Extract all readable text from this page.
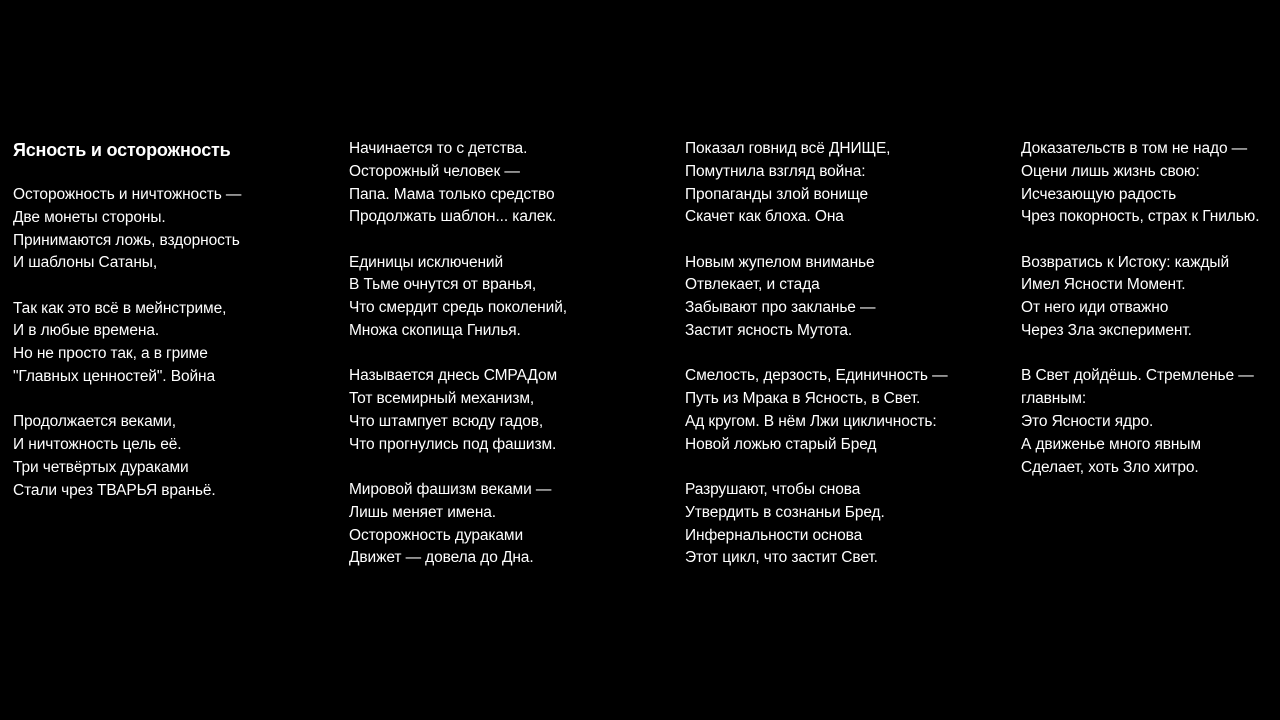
Ясность и осторожность
Осторожность и ничтожность —
Две монеты стороны.
Принимаются ложь, вздорность
И шаблоны Сатаны,
Так как это всё в мейнстриме,
И в любые времена.
Но не просто так, а в гриме
"Главных ценностей". Война
Продолжается веками,
И ничтожность цель её.
Три четвёртых дураками
Стали чрез ТВАРЬЯ враньё.
Начинается то с детства.
Осторожный человек —
Папа. Мама только средство
Продолжать шаблон... калек.
Единицы исключений
В Тьме очнутся от вранья,
Что смердит средь поколений,
Множа скопища Гнилья.
Называется днесь СМРАДом
Тот всемирный механизм,
Что штампует всюду гадов,
Что прогнулись под фашизм.
Мировой фашизм веками —
Лишь меняет имена.
Осторожность дураками
Движет — довела до Дна.
Показал говнид всё ДНИЩЕ,
Помутнила взгляд война:
Пропаганды злой вонище
Скачет как блоха. Она
Новым жупелом вниманье
Отвлекает, и стада
Забывают про закланье —
Застит ясность Мутота.
Смелость, дерзость, Единичность —
Путь из Мрака в Ясность, в Свет.
Ад кругом. В нём Лжи цикличность:
Новой ложью старый Бред
Разрушают, чтобы снова
Утвердить в сознаньи Бред.
Инфернальности основа
Этот цикл, что застит Свет.
Доказательств в том не надо —
Оцени лишь жизнь свою:
Исчезающую радость
Чрез покорность, страх к Гнилью.
Возвратись к Истоку: каждый
Имел Ясности Момент.
От него иди отважно
Через Зла эксперимент.
В Свет дойдёшь. Стремленье — главным:
Это Ясности ядро.
А движенье много явным
Сделает, хоть Зло хитро.
